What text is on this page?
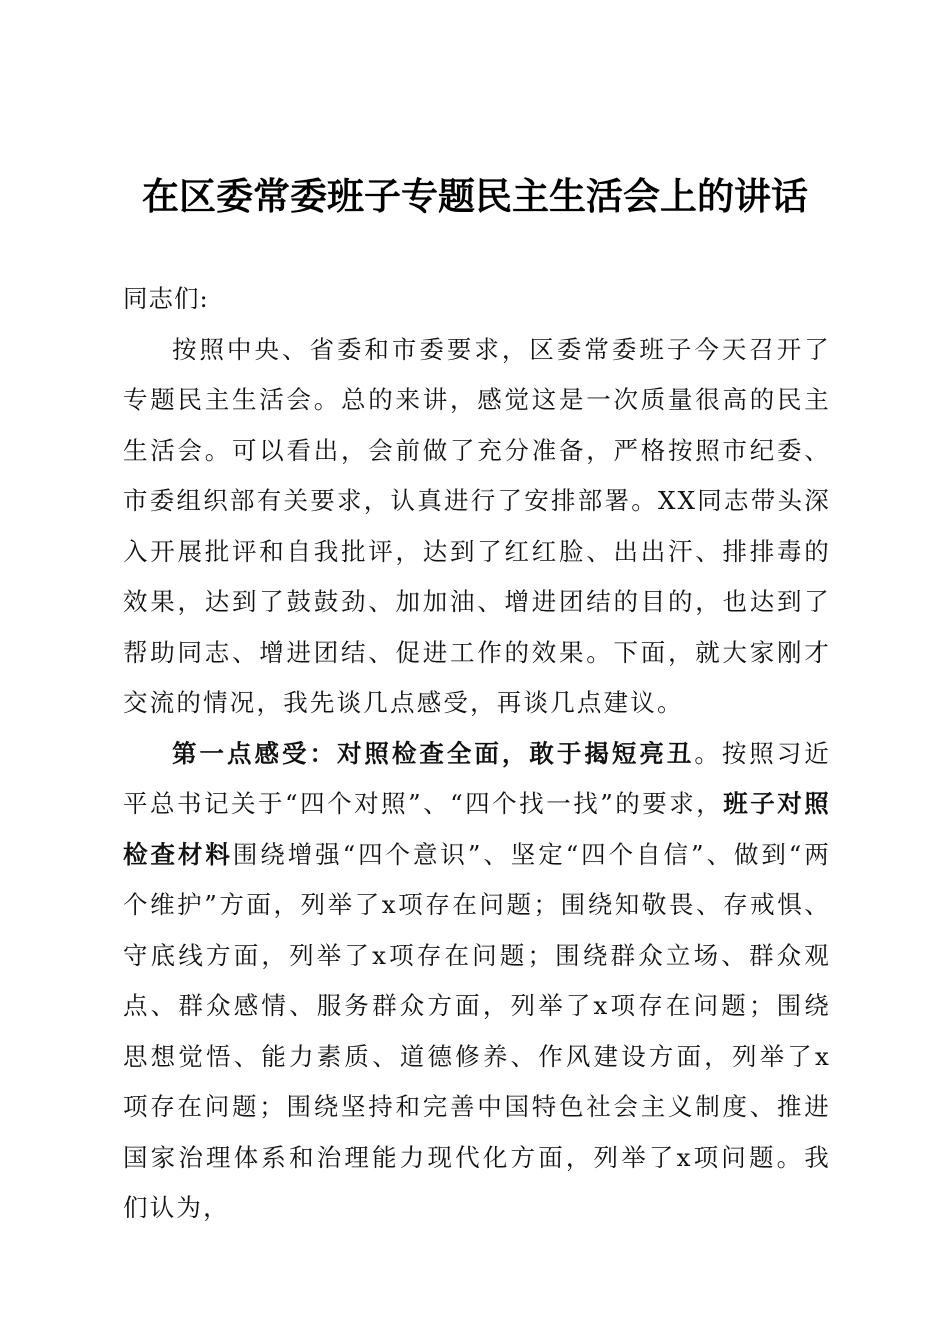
在区委常委班子专题民主生活会上的讲话

同志们:

按照中央、省委和市委要求，区委常委班子今天召开了专题民主生活会。总的来讲，感觉这是一次质量很高的民主生活会。可以看出，会前做了充分准备，严格按照市纪委、市委组织部有关要求，认真进行了安排部署。XX同志带头深入开展批评和自我批评，达到了红红脸、出出汗、排排毒的效果，达到了鼓鼓劲、加加油、增进团结的目的，也达到了帮助同志、增进团结、促进工作的效果。下面，就大家刚才交流的情况，我先谈几点感受，再谈几点建议。

第一点感受：对照检查全面，敢于揭短亮丑。按照习近平总书记关于“四个对照”、“四个找一找”的要求，班子对照检查材料围绕增强“四个意识”、坚定“四个自信”、做到“两个维护”方面，列举了x项存在问题；围绕知敬畏、存戒惧、守底线方面，列举了x项存在问题；围绕群众立场、群众观点、群众感情、服务群众方面，列举了x项存在问题；围绕思想觉悟、能力素质、道德修养、作风建设方面，列举了x项存在问题；围绕坚持和完善中国特色社会主义制度、推进国家治理体系和治理能力现代化方面，列举了x项问题。我们认为，
